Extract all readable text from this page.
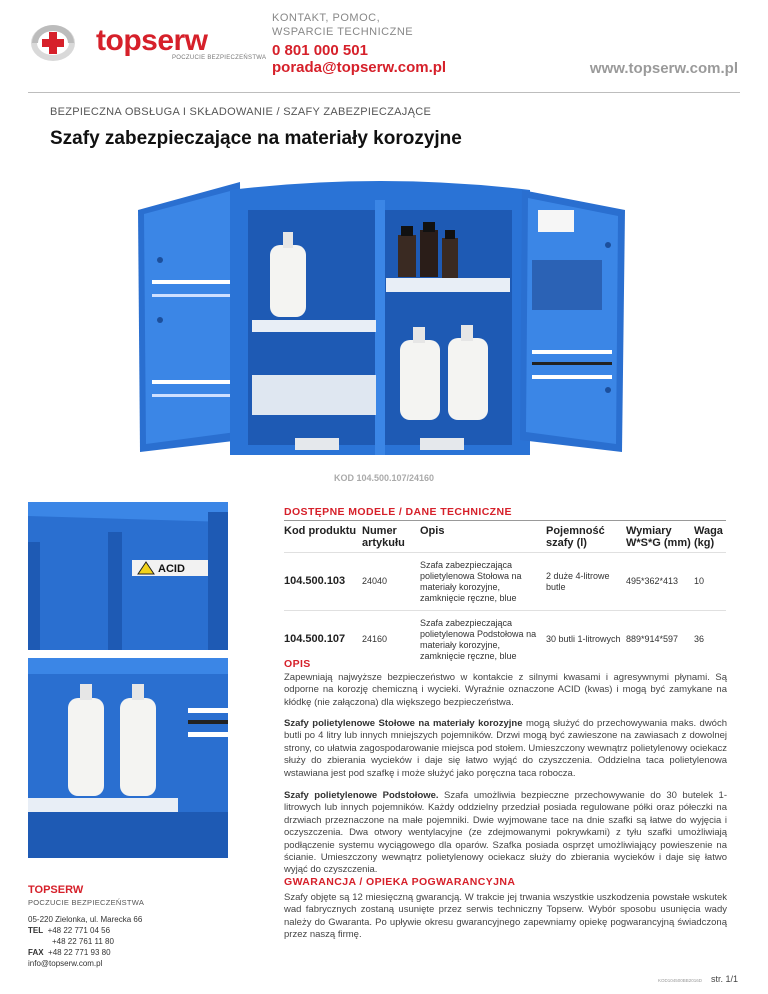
topserw
POCZUCIE BEZPIECZEŃSTWA
KONTAKT, POMOC,
WSPARCIE TECHNICZNE
0 801 000 501
porada@topserw.com.pl	www.topserw.com.pl
BEZPIECZNA OBSŁUGA I SKŁADOWANIE / SZAFY ZABEZPIECZAJĄCE
Szafy zabezpieczające na materiały korozyjne
KOD 104.500.107/24160
ACID
DOSTĘPNE MODELE / DANE TECHNICZNE
Kod produktu	Numer artykułu	Opis	Pojemność szafy (l)	Wymiary W*S*G (mm)	Waga (kg)
104.500.103	24040	Szafa zabezpieczająca polietylenowa Stołowa na materiały korozyjne, zamknięcie ręczne, blue	2 duże 4-litrowe butle	495*362*413	10
104.500.107	24160	Szafa zabezpieczająca polietylenowa Podstołowa na materiały korozyjne, zamknięcie ręczne, blue	30 butli 1-litrowych	889*914*597	36
OPIS
Zapewniają najwyższe bezpieczeństwo w kontakcie z silnymi kwasami i agresywnymi płynami. Są odporne na korozję chemiczną i wycieki. Wyraźnie oznaczone ACID (kwas) i mogą być zamykane na kłódkę (nie załączona) dla większego bezpieczeństwa.
Szafy polietylenowe Stołowe na materiały korozyjne mogą służyć do przechowywania maks. dwóch butli po 4 litry lub innych mniejszych pojemników. Drzwi mogą być zawieszone na zawiasach z dowolnej strony, co ułatwia zagospodarowanie miejsca pod stołem. Umieszczony wewnątrz polietylenowy ociekacz służy do zbierania wycieków i daje się łatwo wyjąć do czyszczenia. Oddzielna taca polietylenowa wstawiana jest pod szafkę i może służyć jako poręczna taca robocza.
Szafy polietylenowe Podstołowe. Szafa umożliwia bezpieczne przechowywanie do 30 butelek 1-litrowych lub innych pojemników. Każdy oddzielny przedział posiada regulowane półki oraz półeczki na drzwiach przeznaczone na małe pojemniki. Dwie wyjmowane tace na dnie szafki są łatwe do wyjęcia i oczyszczenia. Dwa otwory wentylacyjne (ze zdejmowanymi pokrywkami) z tyłu szafki umożliwiają podłączenie systemu wyciągowego dla oparów. Szafka posiada osprzęt umożliwiający powieszenie na ścianie. Umieszczony wewnątrz polietylenowy ociekacz służy do zbierania wycieków i daje się łatwo wyjąć do czyszczenia.
GWARANCJA / OPIEKA POGWARANCYJNA
Szafy objęte są 12 miesięczną gwarancją. W trakcie jej trwania wszystkie uszkodzenia powstałe wskutek wad fabrycznych zostaną usunięte przez serwis techniczny Topserw. Wybór sposobu usunięcia wady należy do Gwaranta. Po upływie okresu gwarancyjnego zapewniamy opiekę pogwarancyjną świadczoną przez naszą firmę.
TOPSERW
POCZUCIE BEZPIECZEŃSTWA
05-220 Zielonka, ul. Marecka 66
TEL +48 22 771 04 56
+48 22 761 11 80
FAX +48 22 771 93 80
info@topserw.com.pl
KOD104500BB2016D str. 1/1
